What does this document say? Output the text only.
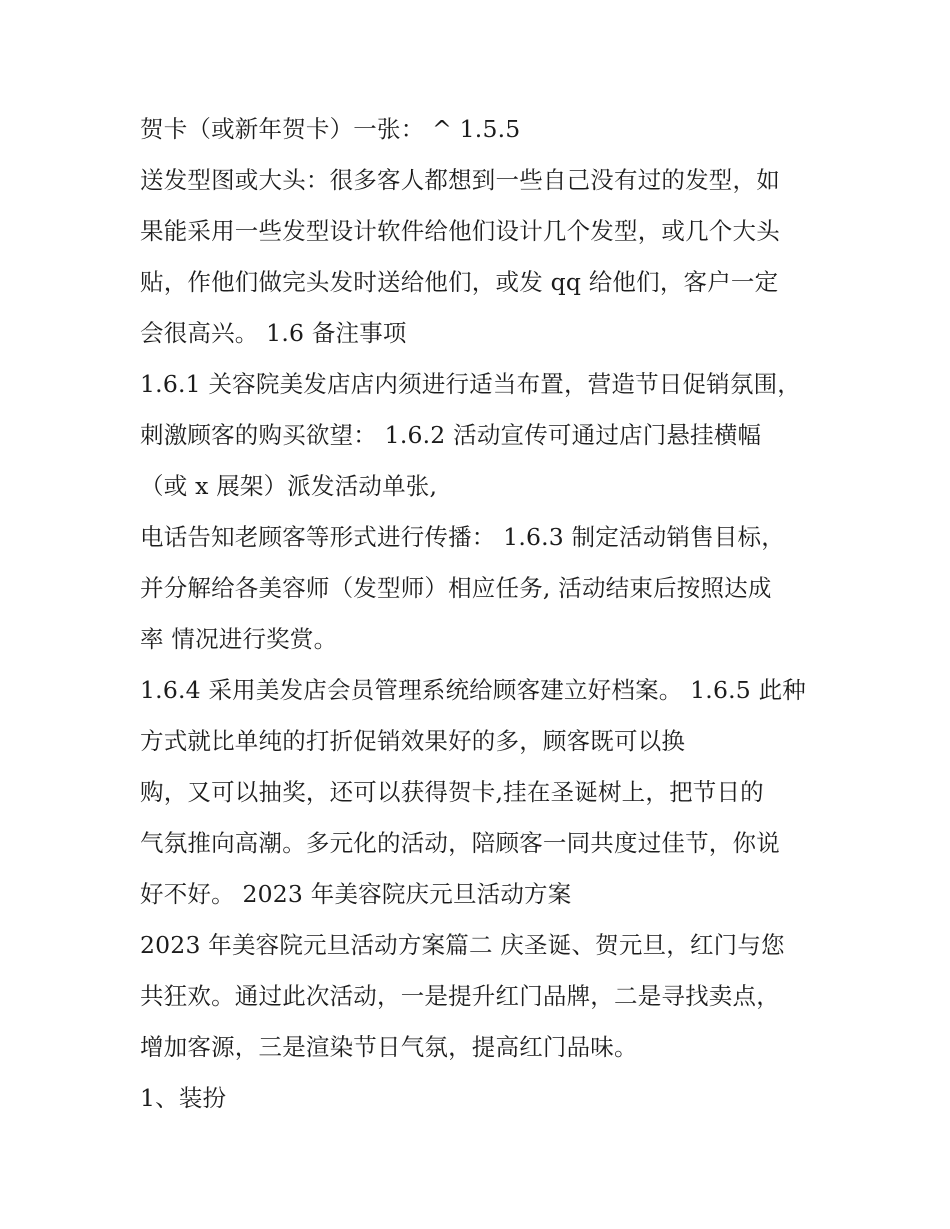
贺卡（或新年贺卡）一张： ^ 1.5.5
送发型图或大头：很多客人都想到一些自己没有过的发型，如
果能采用一些发型设计软件给他们设计几个发型，或几个大头
贴，作他们做完头发时送给他们，或发 qq 给他们，客户一定
会很高兴。 1.6 备注事项
1.6.1 关容院美发店店内须进行适当布置，营造节日促销氛围，
刺激顾客的购买欲望： 1.6.2 活动宣传可通过店门悬挂横幅
（或 x 展架）派发活动单张,
电话告知老顾客等形式进行传播： 1.6.3 制定活动销售目标，
并分解给各美容师（发型师）相应任务, 活动结束后按照达成
率 情况进行奖赏。
1.6.4 采用美发店会员管理系统给顾客建立好档案。 1.6.5 此种
方式就比单纯的打折促销效果好的多，顾客既可以换
购，又可以抽奖，还可以获得贺卡,挂在圣诞树上，把节日的
气氛推向高潮。多元化的活动，陪顾客一同共度过佳节，你说
好不好。 2023 年美容院庆元旦活动方案
2023 年美容院元旦活动方案篇二 庆圣诞、贺元旦，红门与您
共狂欢。通过此次活动，一是提升红门品牌，二是寻找卖点，
增加客源，三是渲染节日气氛，提高红门品味。
1、装扮
